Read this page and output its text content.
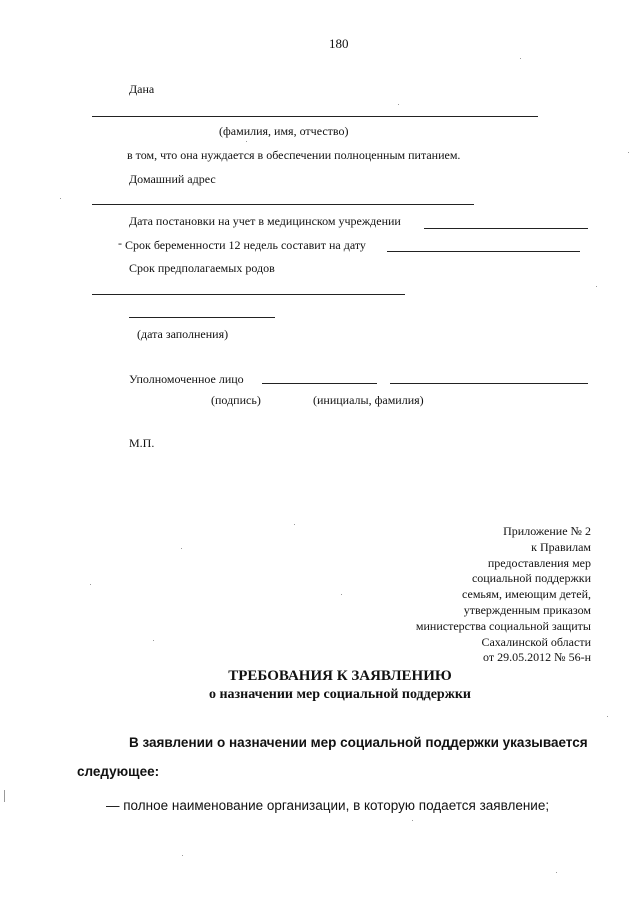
180
Дана
(фамилия, имя, отчество)
в том, что она нуждается в обеспечении полноценным питанием.
Домашний адрес
Дата постановки на учет в медицинском учреждении
‐ Срок беременности 12 недель составит на дату
Срок предполагаемых родов
(дата заполнения)
Уполномоченное лицо
(подпись)	(инициалы, фамилия)
М.П.
Приложение № 2
к Правилам
предоставления мер
социальной поддержки
семьям, имеющим детей,
утвержденным приказом
министерства социальной защиты
Сахалинской области
от 29.05.2012 № 56-н
ТРЕБОВАНИЯ К ЗАЯВЛЕНИЮ
о назначении мер социальной поддержки
В заявлении о назначении мер социальной поддержки указывается
следующее:
— полное наименование организации, в которую подается заявление;
